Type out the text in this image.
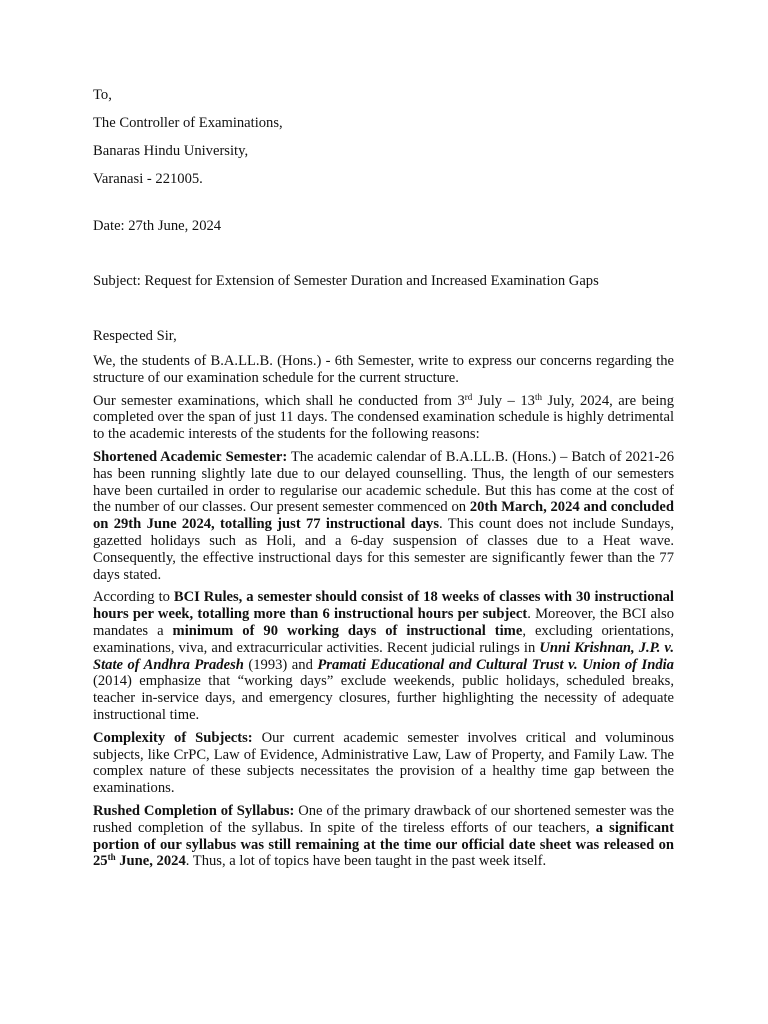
To,

The Controller of Examinations,

Banaras Hindu University,

Varanasi - 221005.

Date: 27th June, 2024

Subject: Request for Extension of Semester Duration and Increased Examination Gaps

Respected Sir,

We, the students of B.A.LL.B. (Hons.) - 6th Semester, write to express our concerns regarding the structure of our examination schedule for the current structure.

Our semester examinations, which shall he conducted from 3rd July – 13th July, 2024, are being completed over the span of just 11 days. The condensed examination schedule is highly detrimental to the academic interests of the students for the following reasons:

Shortened Academic Semester: The academic calendar of B.A.LL.B. (Hons.) – Batch of 2021-26 has been running slightly late due to our delayed counselling. Thus, the length of our semesters have been curtailed in order to regularise our academic schedule. But this has come at the cost of the number of our classes. Our present semester commenced on 20th March, 2024 and concluded on 29th June 2024, totalling just 77 instructional days. This count does not include Sundays, gazetted holidays such as Holi, and a 6-day suspension of classes due to a Heat wave. Consequently, the effective instructional days for this semester are significantly fewer than the 77 days stated.

According to BCI Rules, a semester should consist of 18 weeks of classes with 30 instructional hours per week, totalling more than 6 instructional hours per subject. Moreover, the BCI also mandates a minimum of 90 working days of instructional time, excluding orientations, examinations, viva, and extracurricular activities. Recent judicial rulings in Unni Krishnan, J.P. v. State of Andhra Pradesh (1993) and Pramati Educational and Cultural Trust v. Union of India (2014) emphasize that “working days” exclude weekends, public holidays, scheduled breaks, teacher in-service days, and emergency closures, further highlighting the necessity of adequate instructional time.

Complexity of Subjects: Our current academic semester involves critical and voluminous subjects, like CrPC, Law of Evidence, Administrative Law, Law of Property, and Family Law. The complex nature of these subjects necessitates the provision of a healthy time gap between the examinations.

Rushed Completion of Syllabus: One of the primary drawback of our shortened semester was the rushed completion of the syllabus. In spite of the tireless efforts of our teachers, a significant portion of our syllabus was still remaining at the time our official date sheet was released on 25th June, 2024. Thus, a lot of topics have been taught in the past week itself.
